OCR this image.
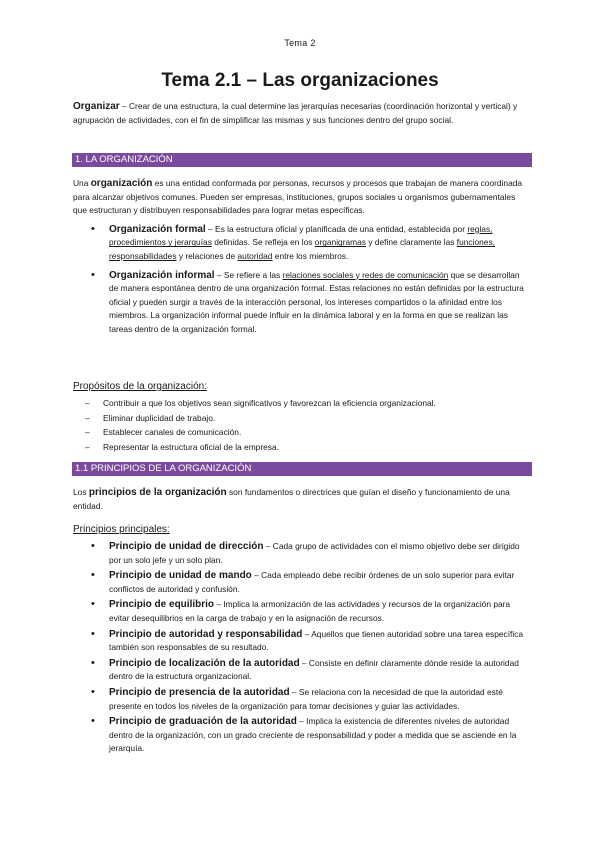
Tema 2
Tema 2.1 – Las organizaciones
Organizar – Crear de una estructura, la cual determine las jerarquías necesarias (coordinación horizontal y vertical) y agrupación de actividades, con el fin de simplificar las mismas y sus funciones dentro del grupo social.
1. LA ORGANIZACIÓN
Una organización es una entidad conformada por personas, recursos y procesos que trabajan de manera coordinada para alcanzar objetivos comunes. Pueden ser empresas, instituciones, grupos sociales u organismos gubernamentales que estructuran y distribuyen responsabilidades para lograr metas específicas.
• Organización formal – Es la estructura oficial y planificada de una entidad, establecida por reglas, procedimientos y jerarquías definidas. Se refleja en los organigramas y define claramente las funciones, responsabilidades y relaciones de autoridad entre los miembros.
• Organización informal – Se refiere a las relaciones sociales y redes de comunicación que se desarrollan de manera espontánea dentro de una organización formal. Estas relaciones no están definidas por la estructura oficial y pueden surgir a través de la interacción personal, los intereses compartidos o la afinidad entre los miembros. La organización informal puede influir en la dinámica laboral y en la forma en que se realizan las tareas dentro de la organización formal.
Propósitos de la organización:
– Contribuir a que los objetivos sean significativos y favorezcan la eficiencia organizacional.
– Eliminar duplicidad de trabajo.
– Establecer canales de comunicación.
– Representar la estructura oficial de la empresa.
1.1 PRINCIPIOS DE LA ORGANIZACIÓN
Los principios de la organización son fundamentos o directrices que guían el diseño y funcionamiento de una entidad.
Principios principales:
• Principio de unidad de dirección – Cada grupo de actividades con el mismo objetivo debe ser dirigido por un solo jefe y un solo plan.
• Principio de unidad de mando – Cada empleado debe recibir órdenes de un solo superior para evitar conflictos de autoridad y confusión.
• Principio de equilibrio – Implica la armonización de las actividades y recursos de la organización para evitar desequilibrios en la carga de trabajo y en la asignación de recursos.
• Principio de autoridad y responsabilidad – Aquellos que tienen autoridad sobre una tarea específica también son responsables de su resultado.
• Principio de localización de la autoridad – Consiste en definir claramente dónde reside la autoridad dentro de la estructura organizacional.
• Principio de presencia de la autoridad – Se relaciona con la necesidad de que la autoridad esté presente en todos los niveles de la organización para tomar decisiones y guiar las actividades.
• Principio de graduación de la autoridad – Implica la existencia de diferentes niveles de autoridad dentro de la organización, con un grado creciente de responsabilidad y poder a medida que se asciende en la jerarquía.
